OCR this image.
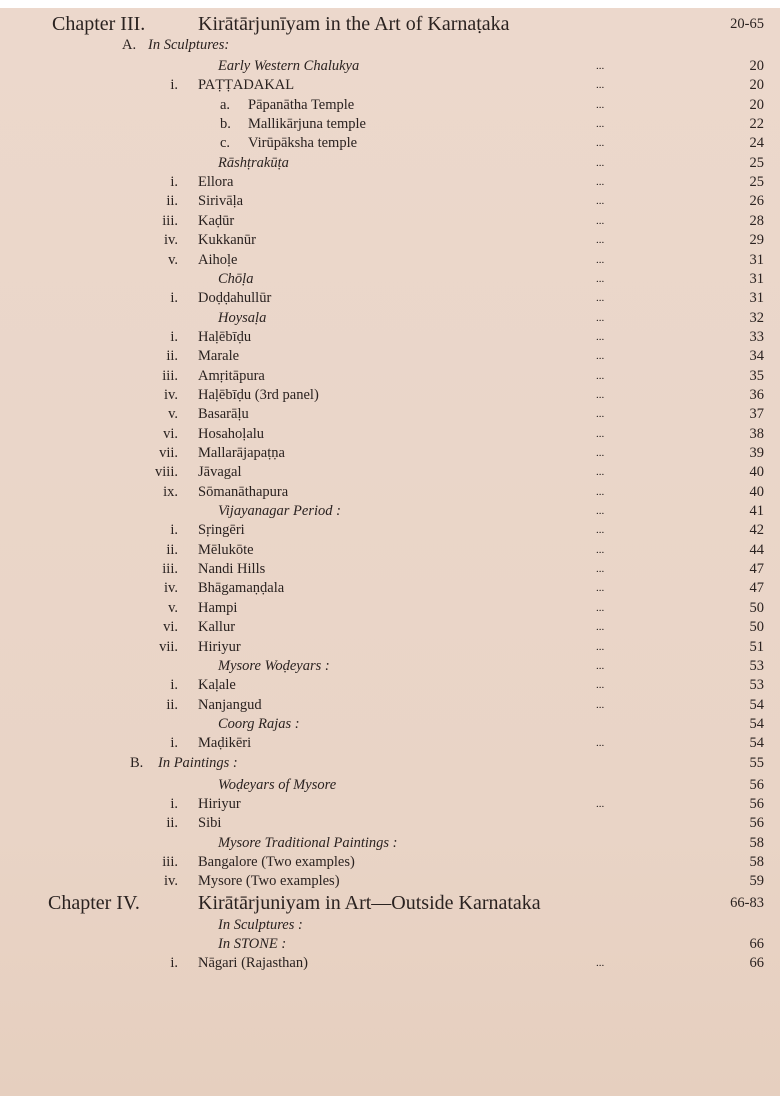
Chapter III.	Kirātārjunīyam in the Art of Karnaṭaka	20-65
A. In Sculptures:
Early Western Chalukya	...	20
i. PAṬṬADAKAL	...	20
a.	Pāpanātha Temple	...	20
b.	Mallikārjuna temple	...	22
c.	Virūpāksha temple	...	24
Rāshṭrakūṭa	...	25
i. Ellora	...	25
ii. Sirivāḷa	...	26
iii. Kaḍūr	...	28
iv. Kukkanūr	...	29
v. Aihoḷe	...	31
Chōḷa	...	31
i. Doḍḍahullūr	...	31
Hoysaḷa	...	32
i. Haḷēbīḍu	...	33
ii. Marale	...	34
iii. Amṛitāpura	...	35
iv. Haḷēbīḍu (3rd panel)	...	36
v. Basarāḷu	...	37
vi. Hosahoḷalu	...	38
vii. Mallarājapaṭṇa	...	39
viii. Jāvagal	...	40
ix. Sōmanāthapura	...	40
Vijayanagar Period :	...	41
i. Sṛingēri	...	42
ii. Mēlukōte	...	44
iii. Nandi Hills	...	47
iv. Bhāgamaṇḍala	...	47
v. Hampi	...	50
vi. Kallur	...	50
vii. Hiriyur	...	51
Mysore Woḍeyars :	...	53
i. Kaḷale	...	53
ii. Nanjangud	...	54
Coorg Rajas :	54
i. Maḍikēri	...	54
B. In Paintings :	55
Woḍeyars of Mysore	56
i. Hiriyur	...	56
ii. Sibi	56
Mysore Traditional Paintings :	58
iii. Bangalore (Two examples)	58
iv. Mysore (Two examples)	59
Chapter IV.	Kirātārjuniyam in Art—Outside Karnataka	66-83
In Sculptures :
In STONE :	66
i. Nāgari (Rajasthan)	...	66
